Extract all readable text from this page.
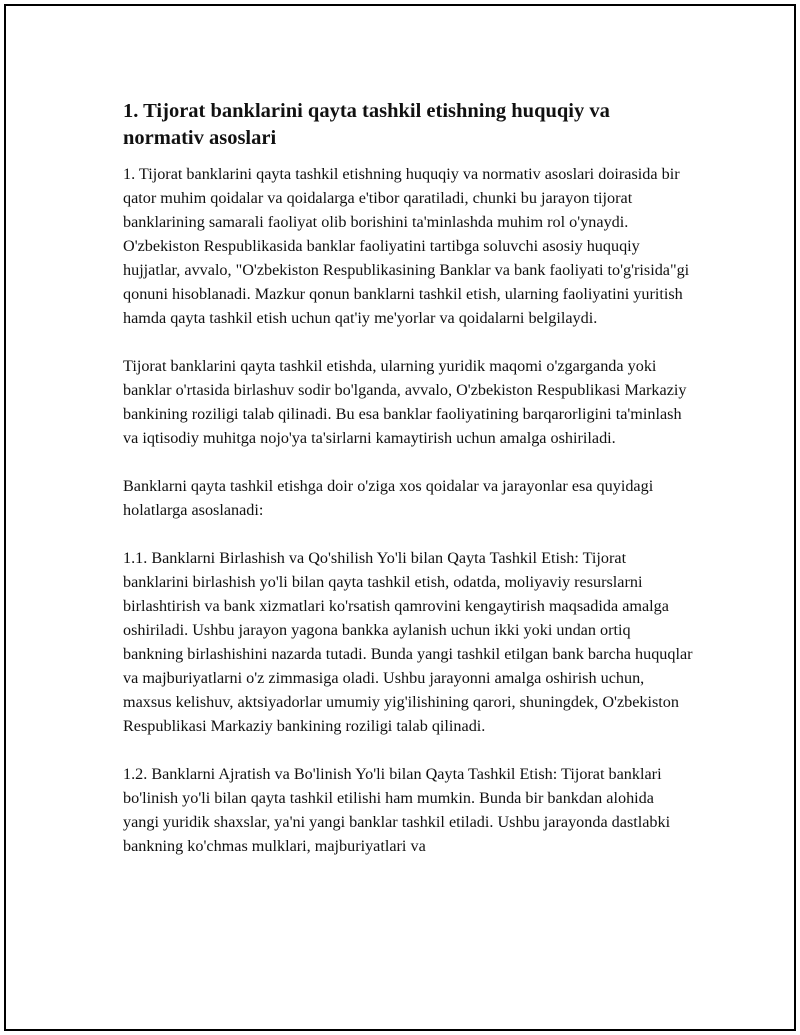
1. Tijorat banklarini qayta tashkil etishning huquqiy va normativ asoslari

1. Tijorat banklarini qayta tashkil etishning huquqiy va normativ asoslari doirasida bir qator muhim qoidalar va qoidalarga e'tibor qaratiladi, chunki bu jarayon tijorat banklarining samarali faoliyat olib borishini ta'minlashda muhim rol o'ynaydi. O'zbekiston Respublikasida banklar faoliyatini tartibga soluvchi asosiy huquqiy hujjatlar, avvalo, "O'zbekiston Respublikasining Banklar va bank faoliyati to'g'risida"gi qonuni hisoblanadi. Mazkur qonun banklarni tashkil etish, ularning faoliyatini yuritish hamda qayta tashkil etish uchun qat'iy me'yorlar va qoidalarni belgilaydi.

Tijorat banklarini qayta tashkil etishda, ularning yuridik maqomi o'zgarganda yoki banklar o'rtasida birlashuv sodir bo'lganda, avvalo, O'zbekiston Respublikasi Markaziy bankining roziligi talab qilinadi. Bu esa banklar faoliyatining barqarorligini ta'minlash va iqtisodiy muhitga nojo'ya ta'sirlarni kamaytirish uchun amalga oshiriladi.

Banklarni qayta tashkil etishga doir o'ziga xos qoidalar va jarayonlar esa quyidagi holatlarga asoslanadi:

1.1. Banklarni Birlashish va Qo'shilish Yo'li bilan Qayta Tashkil Etish: Tijorat banklarini birlashish yo'li bilan qayta tashkil etish, odatda, moliyaviy resurslarni birlashtirish va bank xizmatlari ko'rsatish qamrovini kengaytirish maqsadida amalga oshiriladi. Ushbu jarayon yagona bankka aylanish uchun ikki yoki undan ortiq bankning birlashishini nazarda tutadi. Bunda yangi tashkil etilgan bank barcha huquqlar va majburiyatlarni o'z zimmasiga oladi. Ushbu jarayonni amalga oshirish uchun, maxsus kelishuv, aktsiyadorlar umumiy yig'ilishining qarori, shuningdek, O'zbekiston Respublikasi Markaziy bankining roziligi talab qilinadi.

1.2. Banklarni Ajratish va Bo'linish Yo'li bilan Qayta Tashkil Etish: Tijorat banklari bo'linish yo'li bilan qayta tashkil etilishi ham mumkin. Bunda bir bankdan alohida yangi yuridik shaxslar, ya'ni yangi banklar tashkil etiladi. Ushbu jarayonda dastlabki bankning ko'chmas mulklari, majburiyatlari va
